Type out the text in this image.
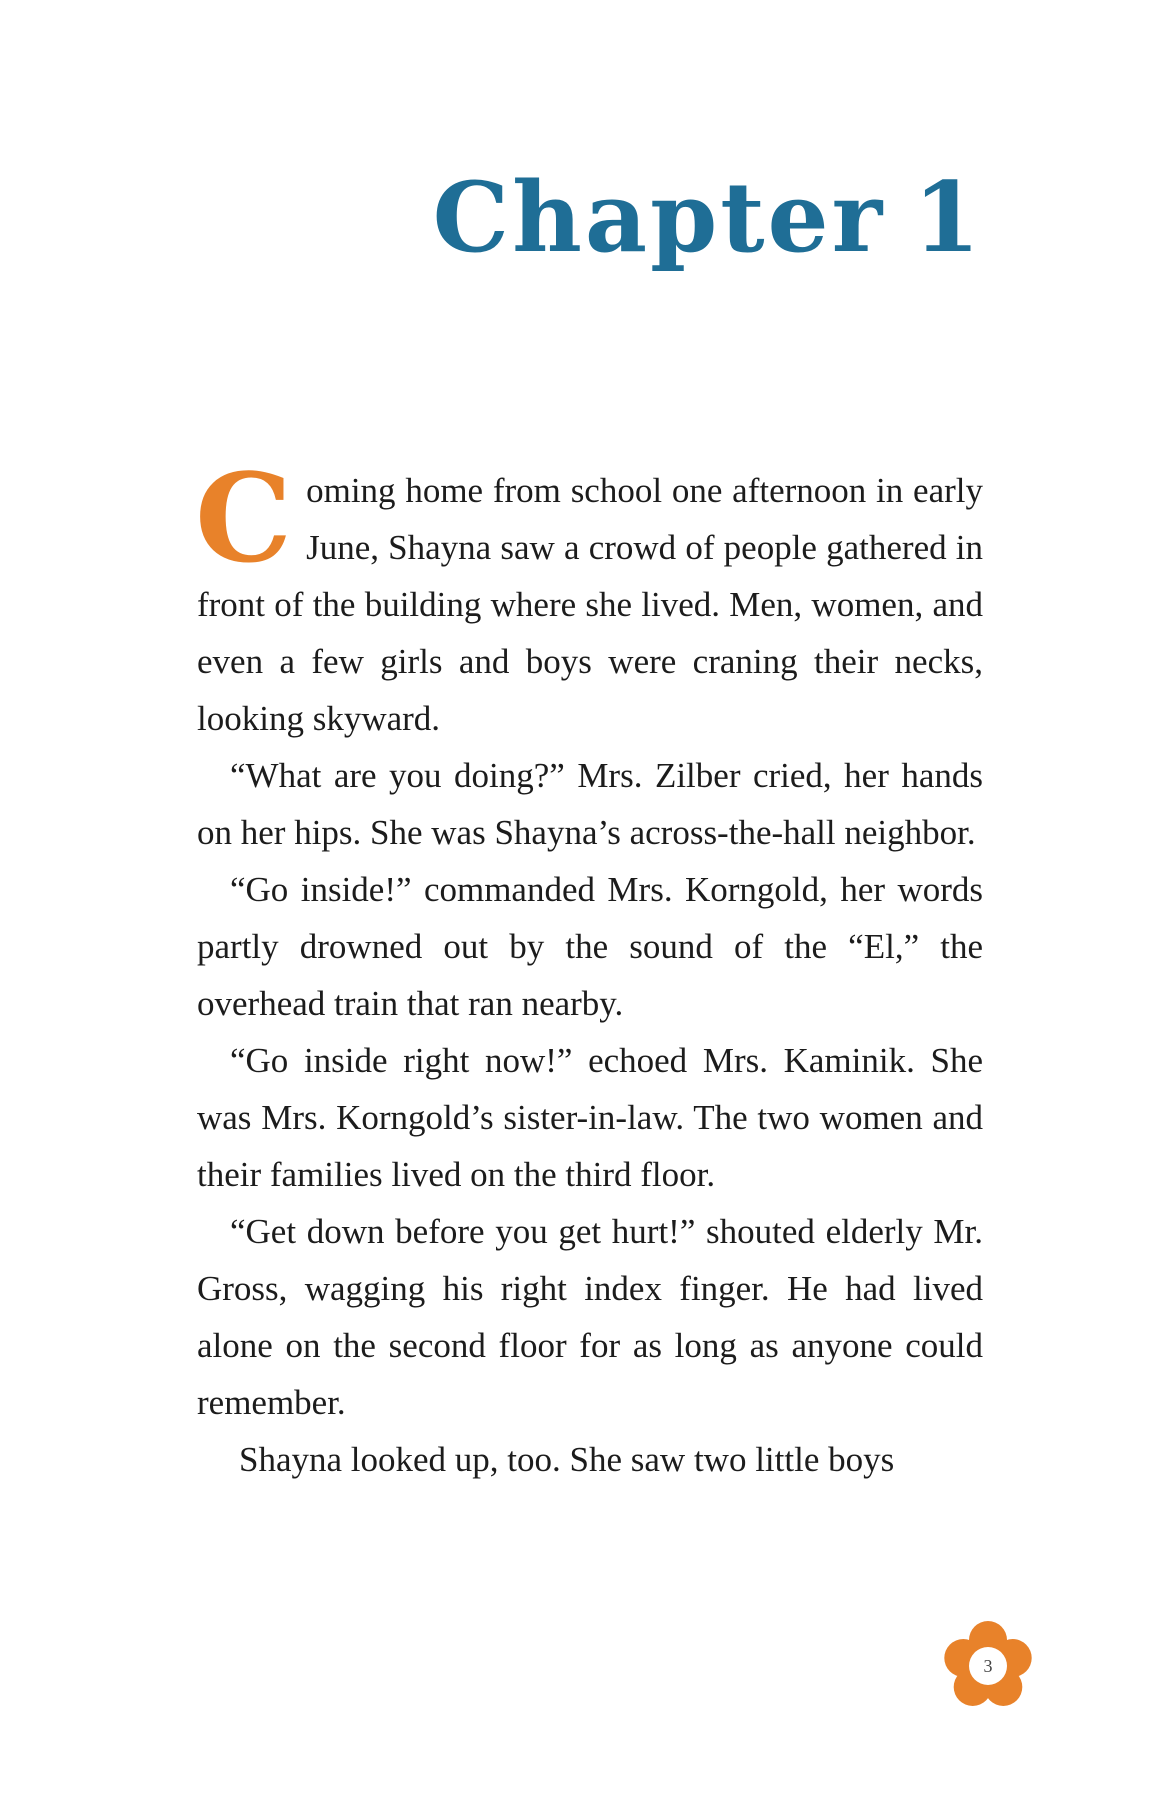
Chapter 1

Coming home from school one afternoon in early June, Shayna saw a crowd of people gathered in front of the building where she lived. Men, women, and even a few girls and boys were craning their necks, looking skyward.

“What are you doing?” Mrs. Zilber cried, her hands on her hips. She was Shayna’s across-the-hall neighbor.

“Go inside!” commanded Mrs. Korngold, her words partly drowned out by the sound of the “El,” the overhead train that ran nearby.

“Go inside right now!” echoed Mrs. Kaminik. She was Mrs. Korngold’s sister-in-law. The two women and their families lived on the third floor.

“Get down before you get hurt!” shouted elderly Mr. Gross, wagging his right index finger. He had lived alone on the second floor for as long as anyone could remember.

Shayna looked up, too. She saw two little boys

3
